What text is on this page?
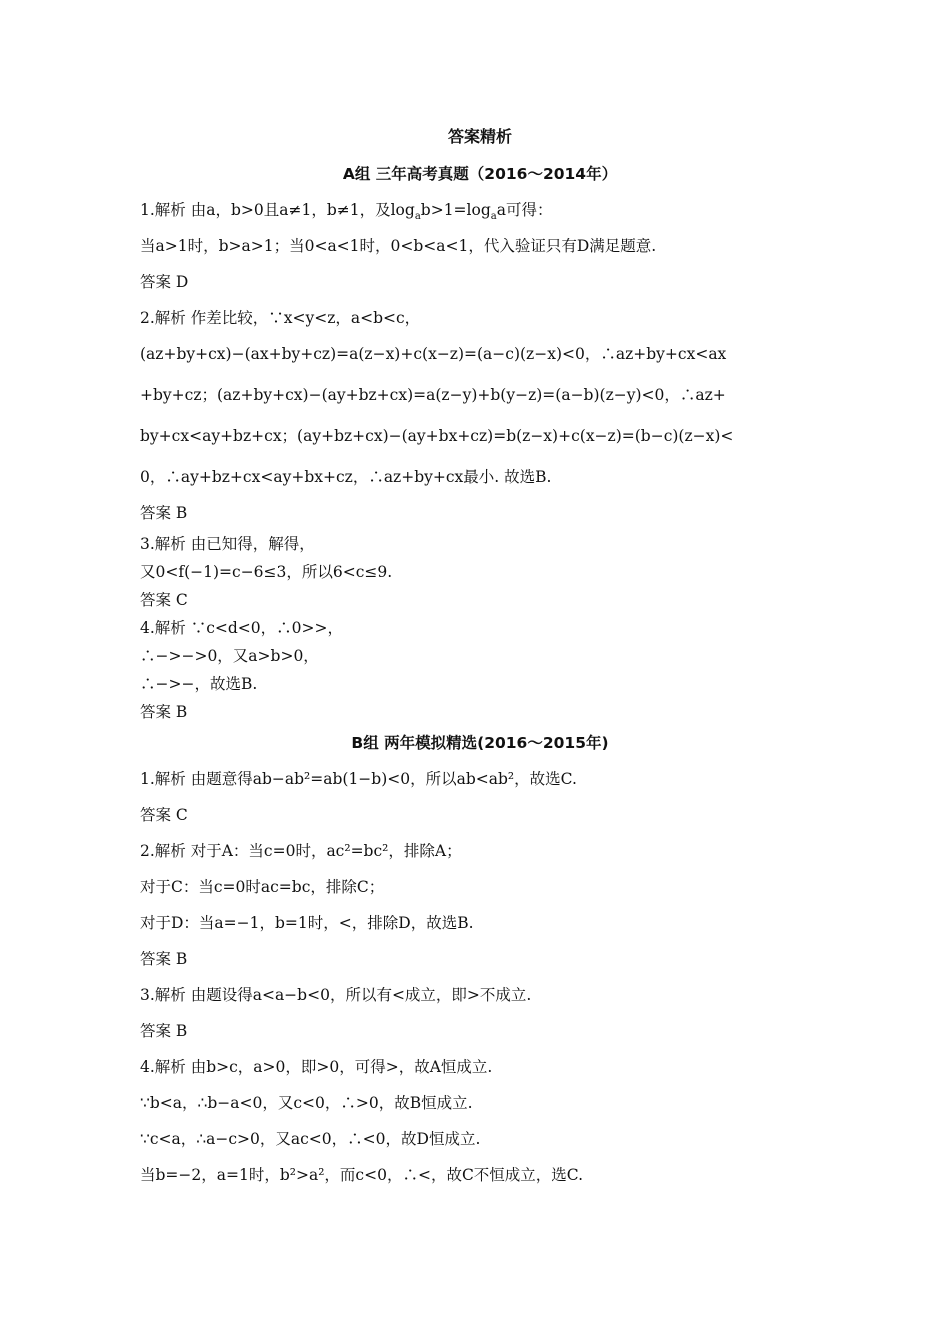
答案精析
A组 三年高考真题（2016～2014年）
1.解析 由a，b>0且a≠1，b≠1，及$\log_ab>1=\log_aa$可得：
当a>1时，b>a>1；当0<a<1时，0<b<a<1，代入验证只有D满足题意.
答案 D
2.解析 作差比较，∵x<y<z，a<b<c，
(az+by+cx)−(ax+by+cz)=a(z−x)+c(x−z)=(a−c)(z−x)<0，∴az+by+cx<ax
+by+cz；(az+by+cx)−(ay+bz+cx)=a(z−y)+b(y−z)=(a−b)(z−y)<0，∴az+
by+cx<ay+bz+cx；(ay+bz+cx)−(ay+bx+cz)=b(z−x)+c(x−z)=(b−c)(z−x)<
0，∴ay+bz+cx<ay+bx+cz，∴az+by+cx最小. 故选B.
答案 B
3.解析 由已知得，解得，
又0<f(−1)=c−6≤3，所以6<c≤9.
答案 C
4.解析 ∵c<d<0，∴0>>，
∴−>−>0，又a>b>0，
∴−>−，故选B.
答案 B
B组 两年模拟精选(2016～2015年)
1.解析 由题意得ab−ab²=ab(1−b)<0，所以ab<ab²，故选C.
答案 C
2.解析 对于A：当c=0时，ac²=bc²，排除A；
对于C：当c=0时ac=bc，排除C；
对于D：当a=−1，b=1时，<，排除D，故选B.
答案 B
3.解析 由题设得a<a−b<0，所以有<成立，即>不成立.
答案 B
4.解析 由b>c，a>0，即>0，可得>，故A恒成立.
∵b<a，∴b−a<0，又c<0，∴>0，故B恒成立.
∵c<a，∴a−c>0，又ac<0，∴<0，故D恒成立.
当b=−2，a=1时，b²>a²，而c<0，∴<，故C不恒成立，选C.
